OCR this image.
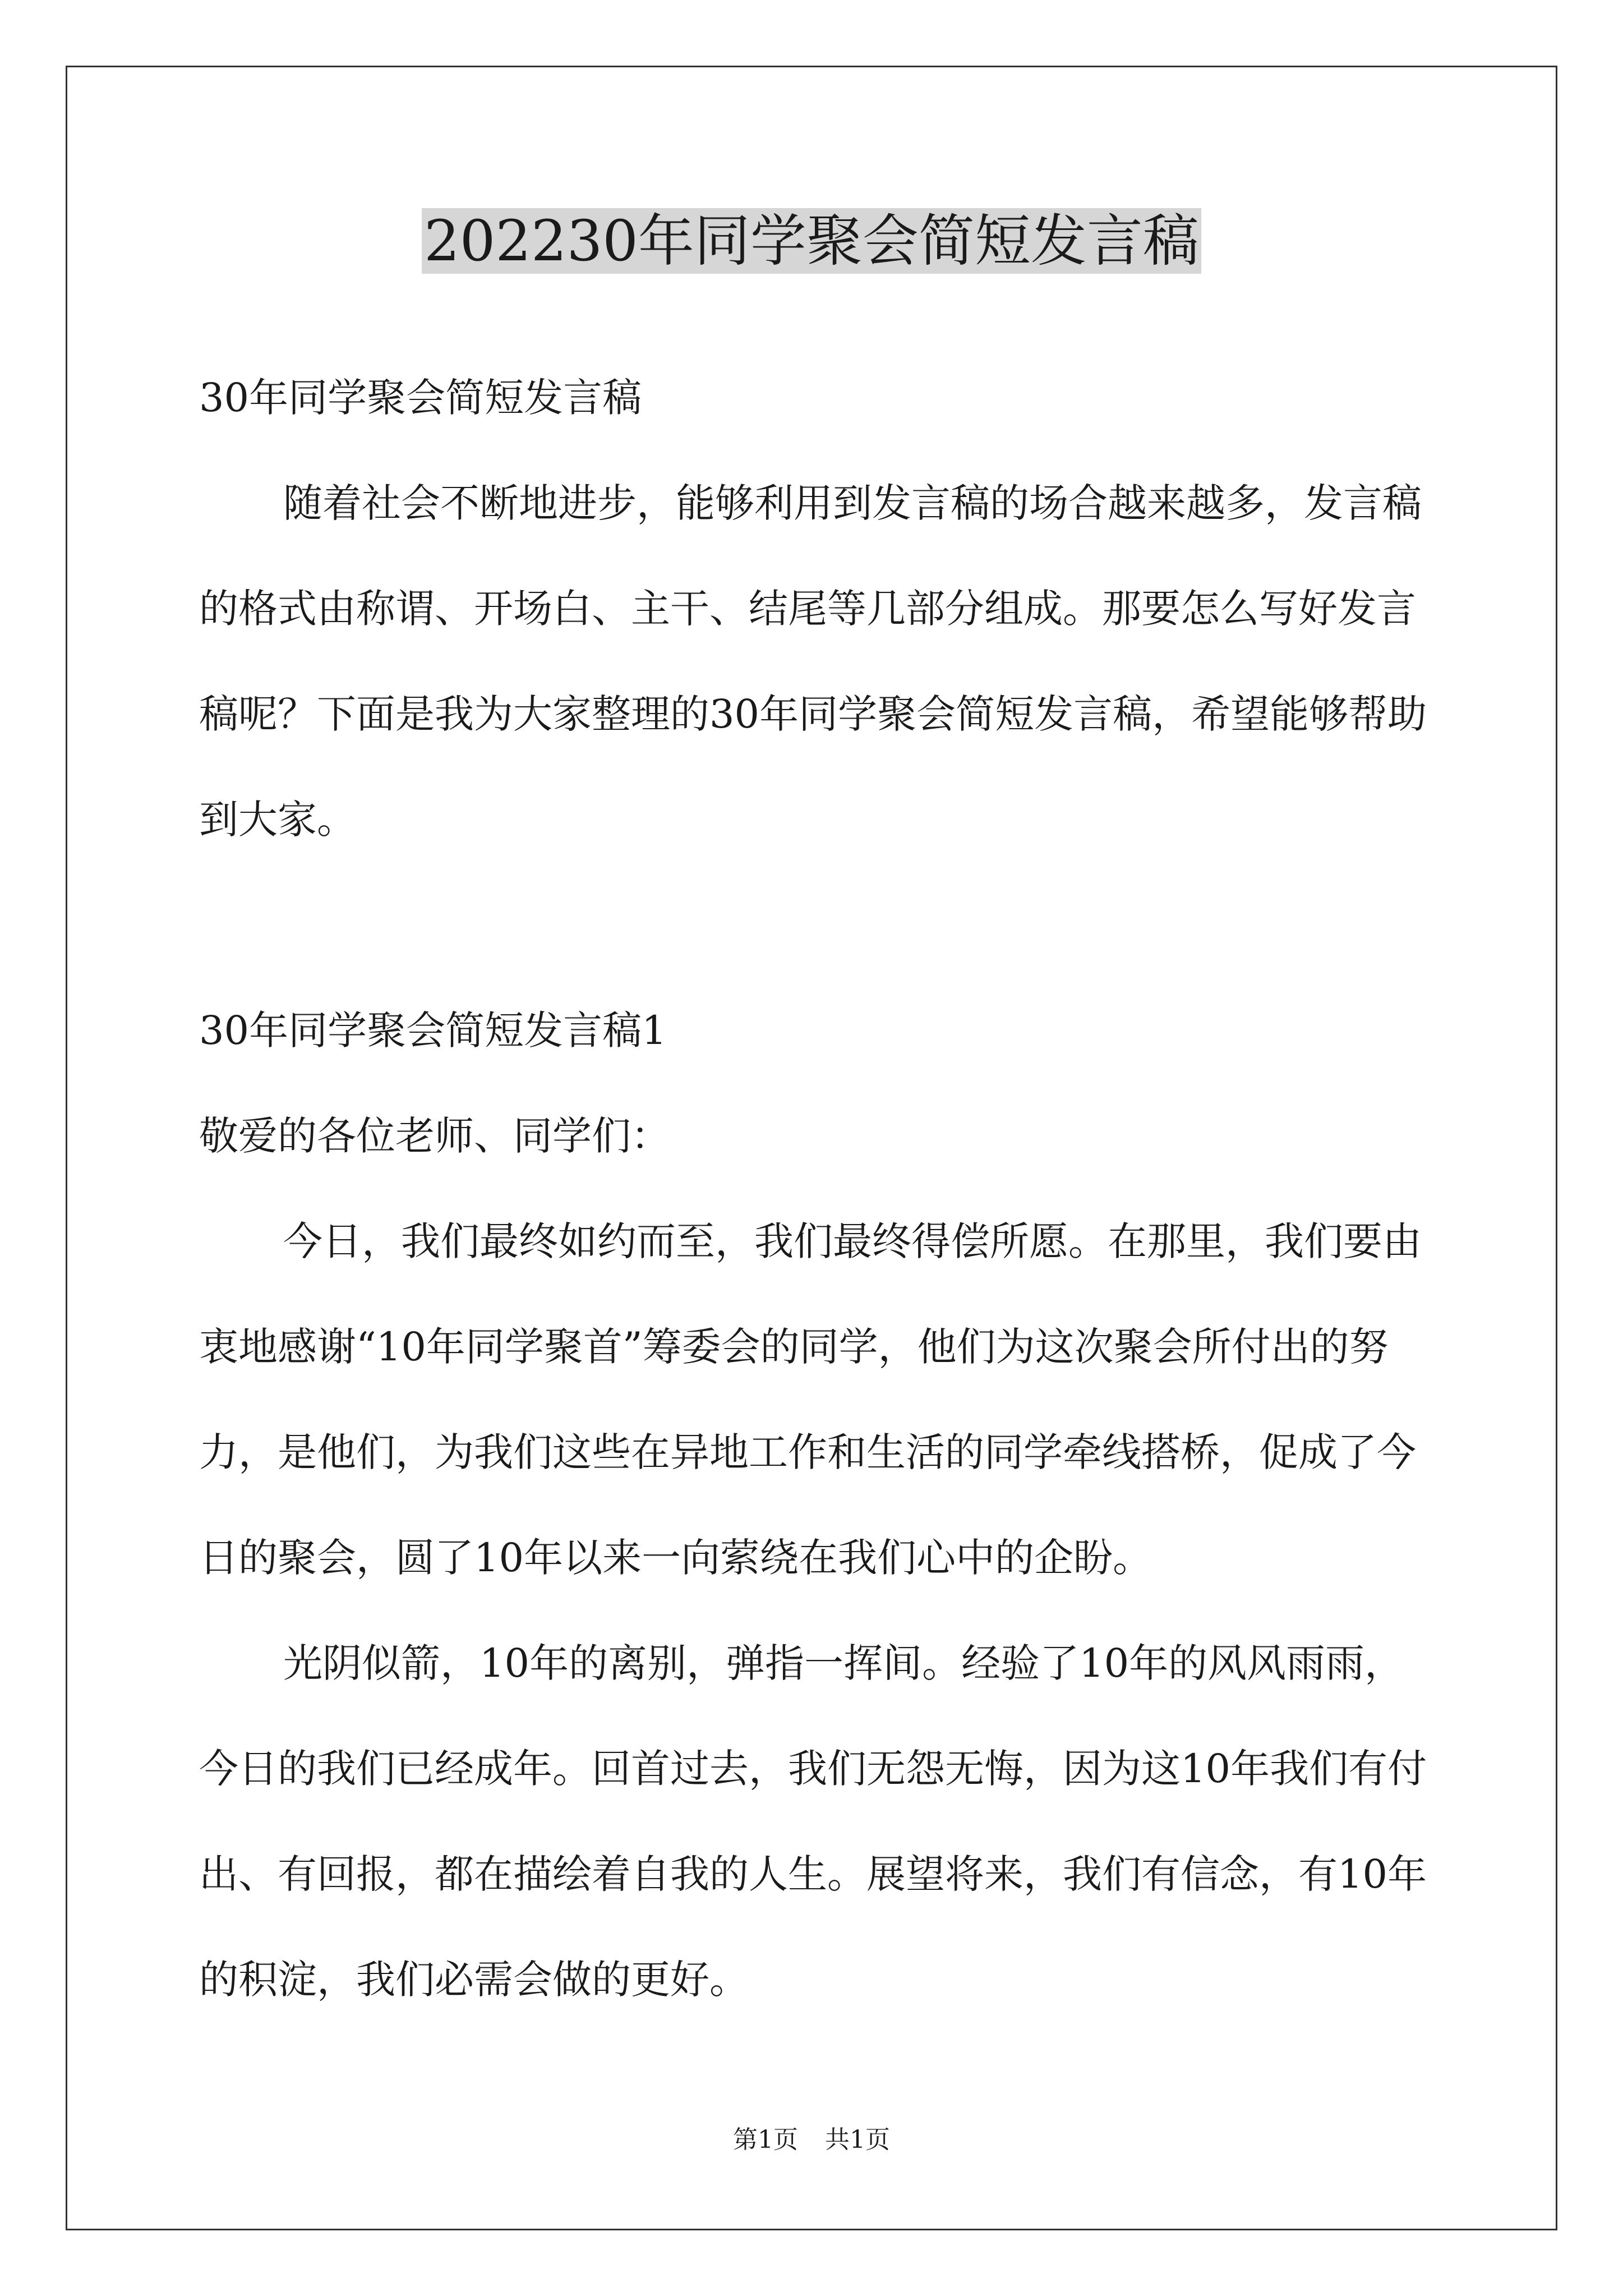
202230年同学聚会简短发言稿

30年同学聚会简短发言稿

随着社会不断地进步，能够利用到发言稿的场合越来越多，发言稿的格式由称谓、开场白、主干、结尾等几部分组成。那要怎么写好发言稿呢？下面是我为大家整理的30年同学聚会简短发言稿，希望能够帮助到大家。

30年同学聚会简短发言稿1

敬爱的各位老师、同学们：

今日，我们最终如约而至，我们最终得偿所愿。在那里，我们要由衷地感谢“10年同学聚首”筹委会的同学，他们为这次聚会所付出的努力，是他们，为我们这些在异地工作和生活的同学牵线搭桥，促成了今日的聚会，圆了10年以来一向萦绕在我们心中的企盼。

光阴似箭，10年的离别，弹指一挥间。经验了10年的风风雨雨，今日的我们已经成年。回首过去，我们无怨无悔，因为这10年我们有付出、有回报，都在描绘着自我的人生。展望将来，我们有信念，有10年的积淀，我们必需会做的更好。

第1页 共1页
